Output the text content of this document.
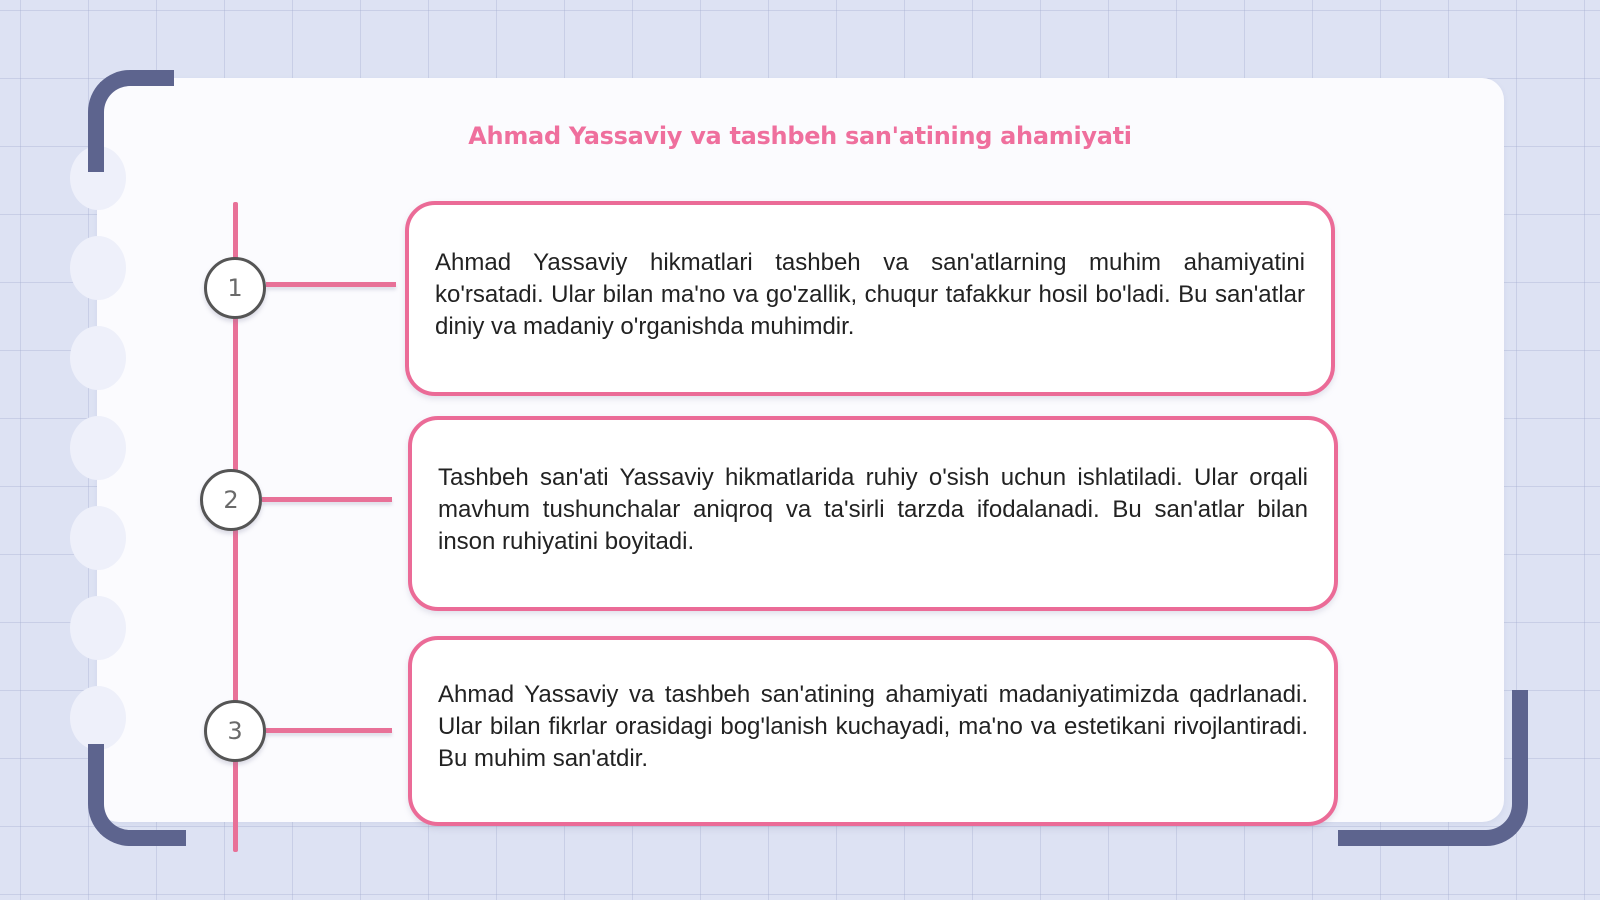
Ahmad Yassaviy va tashbeh san'atining ahamiyati
1
2
3

Ahmad Yassaviy hikmatlari tashbeh va san'atlarning muhim ahamiyatini ko'rsatadi. Ular bilan ma'no va go'zallik, chuqur tafakkur hosil bo'ladi. Bu san'atlar diniy va madaniy o'rganishda muhimdir.

Tashbeh san'ati Yassaviy hikmatlarida ruhiy o'sish uchun ishlatiladi. Ular orqali mavhum tushunchalar aniqroq va ta'sirli tarzda ifodalanadi. Bu san'atlar bilan inson ruhiyatini boyitadi.

Ahmad Yassaviy va tashbeh san'atining ahamiyati madaniyatimizda qadrlanadi. Ular bilan fikrlar orasidagi bog'lanish kuchayadi, ma'no va estetikani rivojlantiradi. Bu muhim san'atdir.
